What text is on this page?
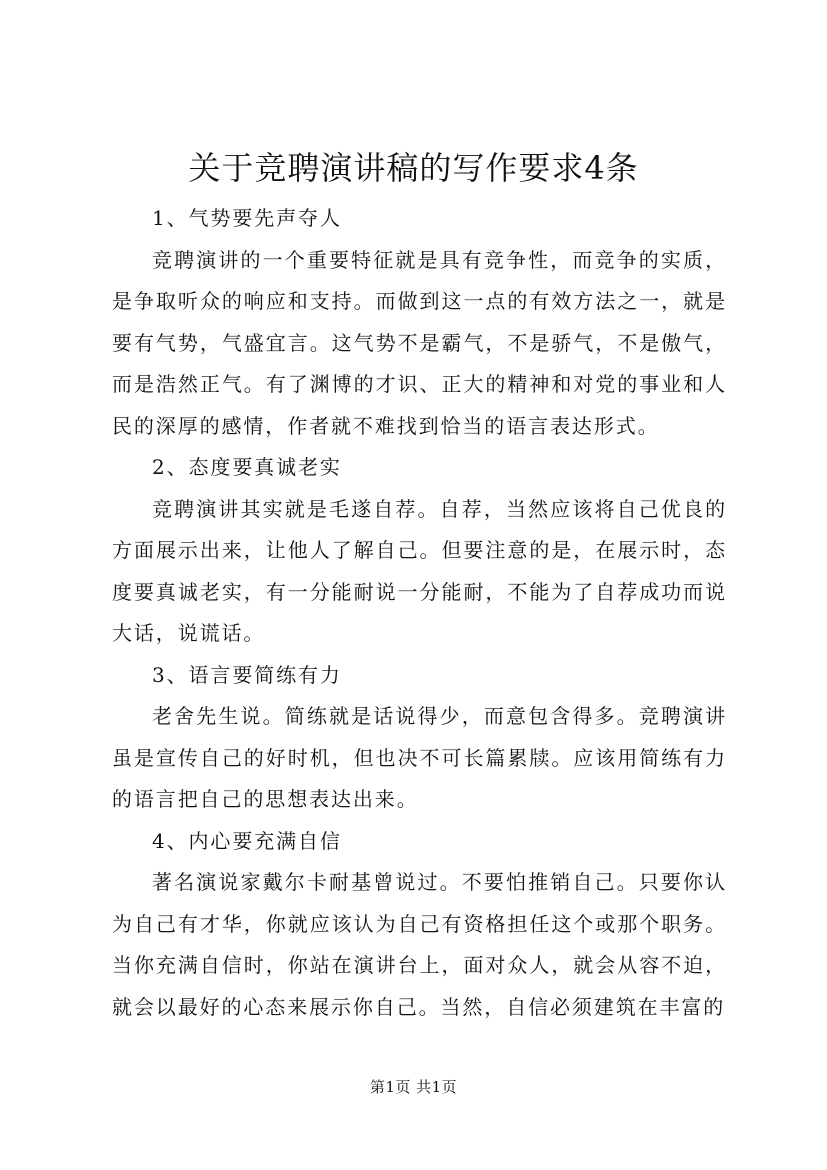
关于竞聘演讲稿的写作要求4条

1、气势要先声夺人

竞聘演讲的一个重要特征就是具有竞争性，而竞争的实质，是争取听众的响应和支持。而做到这一点的有效方法之一，就是要有气势，气盛宜言。这气势不是霸气，不是骄气，不是傲气，而是浩然正气。有了渊博的才识、正大的精神和对党的事业和人民的深厚的感情，作者就不难找到恰当的语言表达形式。

2、态度要真诚老实

竞聘演讲其实就是毛遂自荐。自荐，当然应该将自己优良的方面展示出来，让他人了解自己。但要注意的是，在展示时，态度要真诚老实，有一分能耐说一分能耐，不能为了自荐成功而说大话，说谎话。

3、语言要简练有力

老舍先生说。简练就是话说得少，而意包含得多。竞聘演讲虽是宣传自己的好时机，但也决不可长篇累牍。应该用简练有力的语言把自己的思想表达出来。

4、内心要充满自信

著名演说家戴尔卡耐基曾说过。不要怕推销自己。只要你认为自己有才华，你就应该认为自己有资格担任这个或那个职务。当你充满自信时，你站在演讲台上，面对众人，就会从容不迫，就会以最好的心态来展示你自己。当然，自信必须建筑在丰富的

第1页 共1页
